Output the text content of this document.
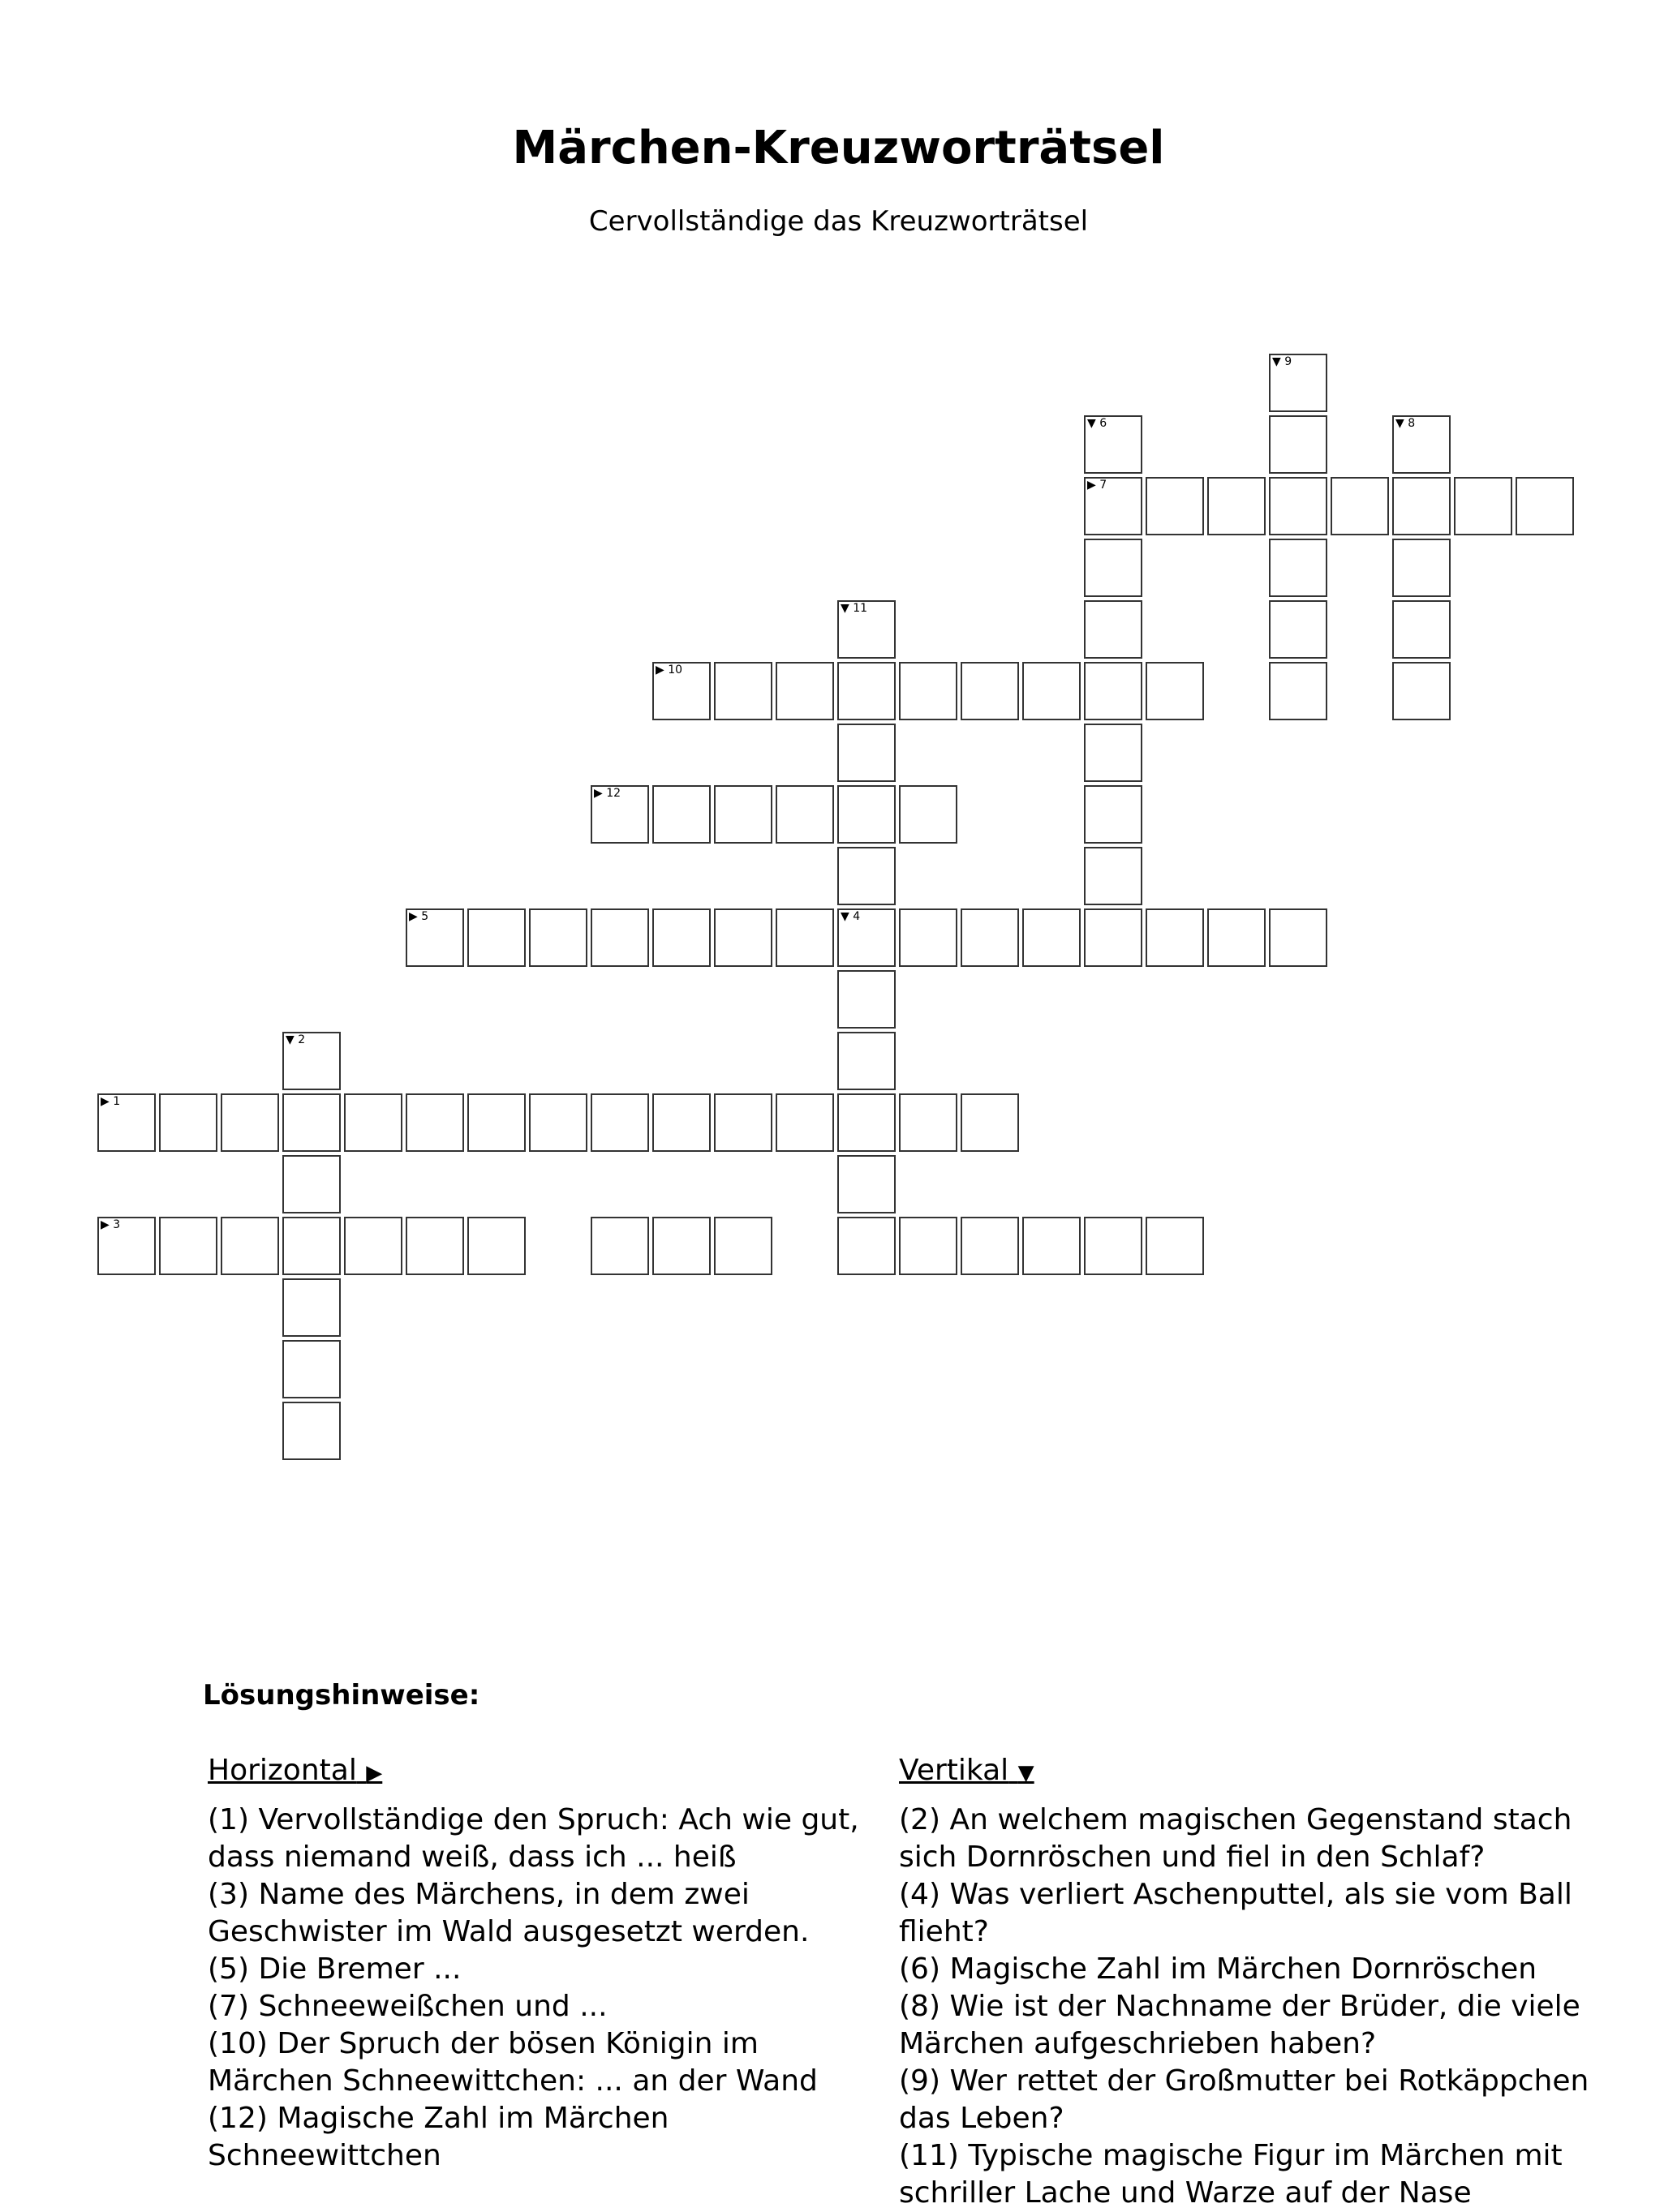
Märchen-Kreuzworträtsel
Cervollständige das Kreuzworträtsel
▶ 1
▶ 3
▶ 5	▼ 4
▶ 7
▶ 10
▶ 12
▼ 2
▼ 6	▼ 8
▼ 9
▼ 11
Lösungshinweise:
Horizontal ▶

(1) Vervollständige den Spruch: Ach wie gut, dass niemand weiß, dass ich ... heiß

(3) Name des Märchens, in dem zwei Geschwister im Wald ausgesetzt werden.

(5) Die Bremer ...

(7) Schneeweißchen und ...

(10) Der Spruch der bösen Königin im Märchen Schneewittchen: ... an der Wand

(12) Magische Zahl im Märchen Schneewittchen

Vertikal ▼

(2) An welchem magischen Gegenstand stach sich Dornröschen und fiel in den Schlaf?

(4) Was verliert Aschenputtel, als sie vom Ball flieht?

(6) Magische Zahl im Märchen Dornröschen

(8) Wie ist der Nachname der Brüder, die viele Märchen aufgeschrieben haben?

(9) Wer rettet der Großmutter bei Rotkäppchen das Leben?

(11) Typische magische Figur im Märchen mit schriller Lache und Warze auf der Nase
